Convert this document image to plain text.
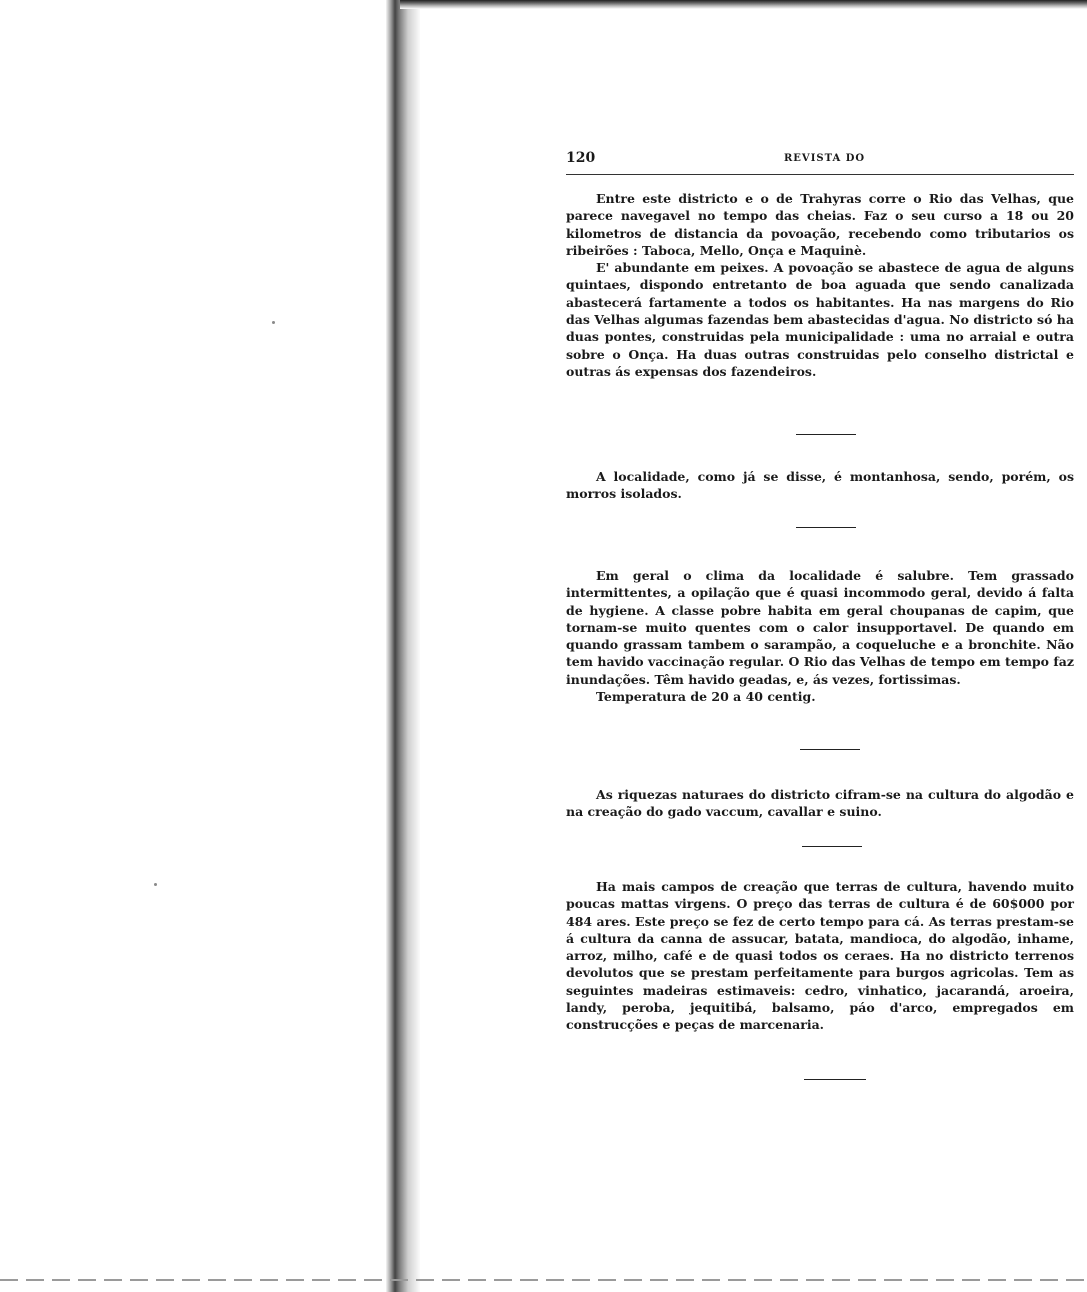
120	REVISTA DO

Entre este districto e o de Trahyras corre o Rio das Velhas, que parece navegavel no tempo das cheias. Faz o seu curso a 18 ou 20 kilometros de distancia da povoação, recebendo como tributarios os ribeirões : Taboca, Mello, Onça e Maquinè.

E' abundante em peixes. A povoação se abastece de agua de alguns quintaes, dispondo entretanto de boa aguada que sendo canalizada abastecerá fartamente a todos os habitantes. Ha nas margens do Rio das Velhas algumas fazendas bem abastecidas d'agua. No districto só ha duas pontes, construidas pela municipalidade : uma no arraial e outra sobre o Onça. Ha duas outras construidas pelo conselho districtal e outras ás expensas dos fazendeiros.

A localidade, como já se disse, é montanhosa, sendo, porém, os morros isolados.

Em geral o clima da localidade é salubre. Tem grassado intermittentes, a opilação que é quasi incommodo geral, devido á falta de hygiene. A classe pobre habita em geral choupanas de capim, que tornam-se muito quentes com o calor insupportavel. De quando em quando grassam tambem o sarampão, a coqueluche e a bronchite. Não tem havido vaccinação regular. O Rio das Velhas de tempo em tempo faz inundações. Têm havido geadas, e, ás vezes, fortissimas.

Temperatura de 20 a 40 centig.

As riquezas naturaes do districto cifram-se na cultura do algodão e na creação do gado vaccum, cavallar e suino.

Ha mais campos de creação que terras de cultura, havendo muito poucas mattas virgens. O preço das terras de cultura é de 60$000 por 484 ares. Este preço se fez de certo tempo para cá. As terras prestam-se á cultura da canna de assucar, batata, mandioca, do algodão, inhame, arroz, milho, café e de quasi todos os ceraes. Ha no districto terrenos devolutos que se prestam perfeitamente para burgos agricolas. Tem as seguintes madeiras estimaveis: cedro, vinhatico, jacarandá, aroeira, landy, peroba, jequitibá, balsamo, páo d'arco, empregados em construcções e peças de marcenaria.
